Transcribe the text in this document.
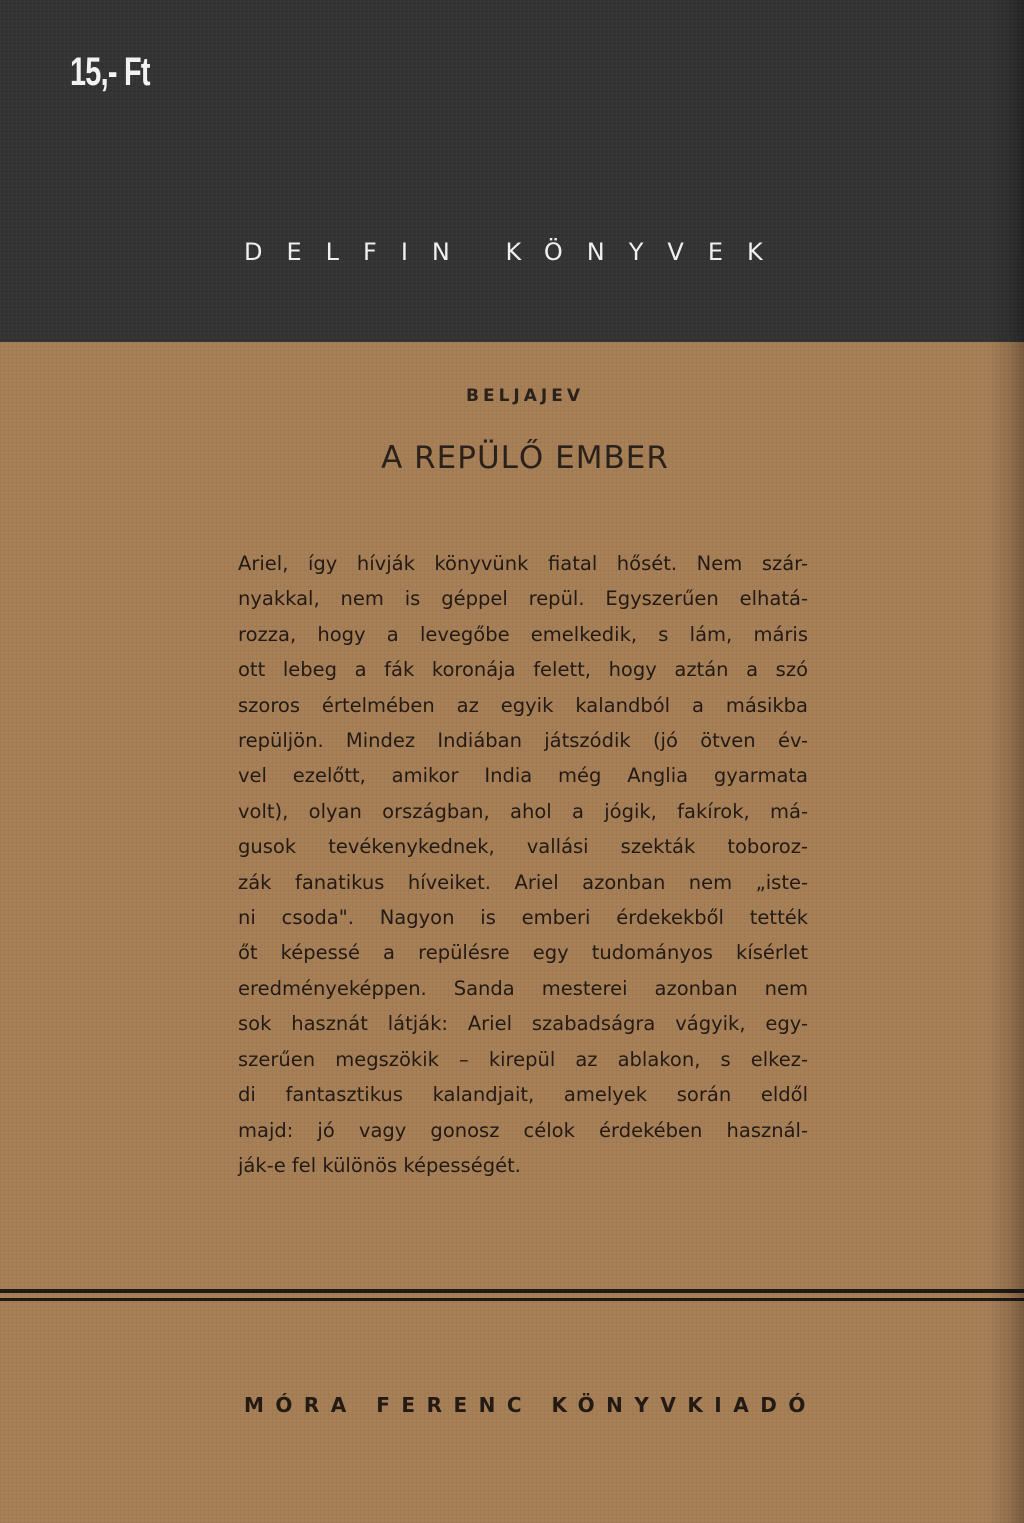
15,- Ft
DELFIN KÖNYVEK
BELJAJEV
A REPÜLŐ EMBER
Ariel, így hívják könyvünk fiatal hősét. Nem szár-
nyakkal, nem is géppel repül. Egyszerűen elhatá-
rozza, hogy a levegőbe emelkedik, s lám, máris
ott lebeg a fák koronája felett, hogy aztán a szó
szoros értelmében az egyik kalandból a másikba
repüljön. Mindez Indiában játszódik (jó ötven év-
vel ezelőtt, amikor India még Anglia gyarmata
volt), olyan országban, ahol a jógik, fakírok, má-
gusok tevékenykednek, vallási szekták toboroz-
zák fanatikus híveiket. Ariel azonban nem „iste-
ni csoda". Nagyon is emberi érdekekből tették
őt képessé a repülésre egy tudományos kísérlet
eredményeképpen. Sanda mesterei azonban nem
sok hasznát látják: Ariel szabadságra vágyik, egy-
szerűen megszökik – kirepül az ablakon, s elkez-
di fantasztikus kalandjait, amelyek során eldől
majd: jó vagy gonosz célok érdekében használ-
ják-e fel különös képességét.
MÓRA FERENC KÖNYVKIADÓ
